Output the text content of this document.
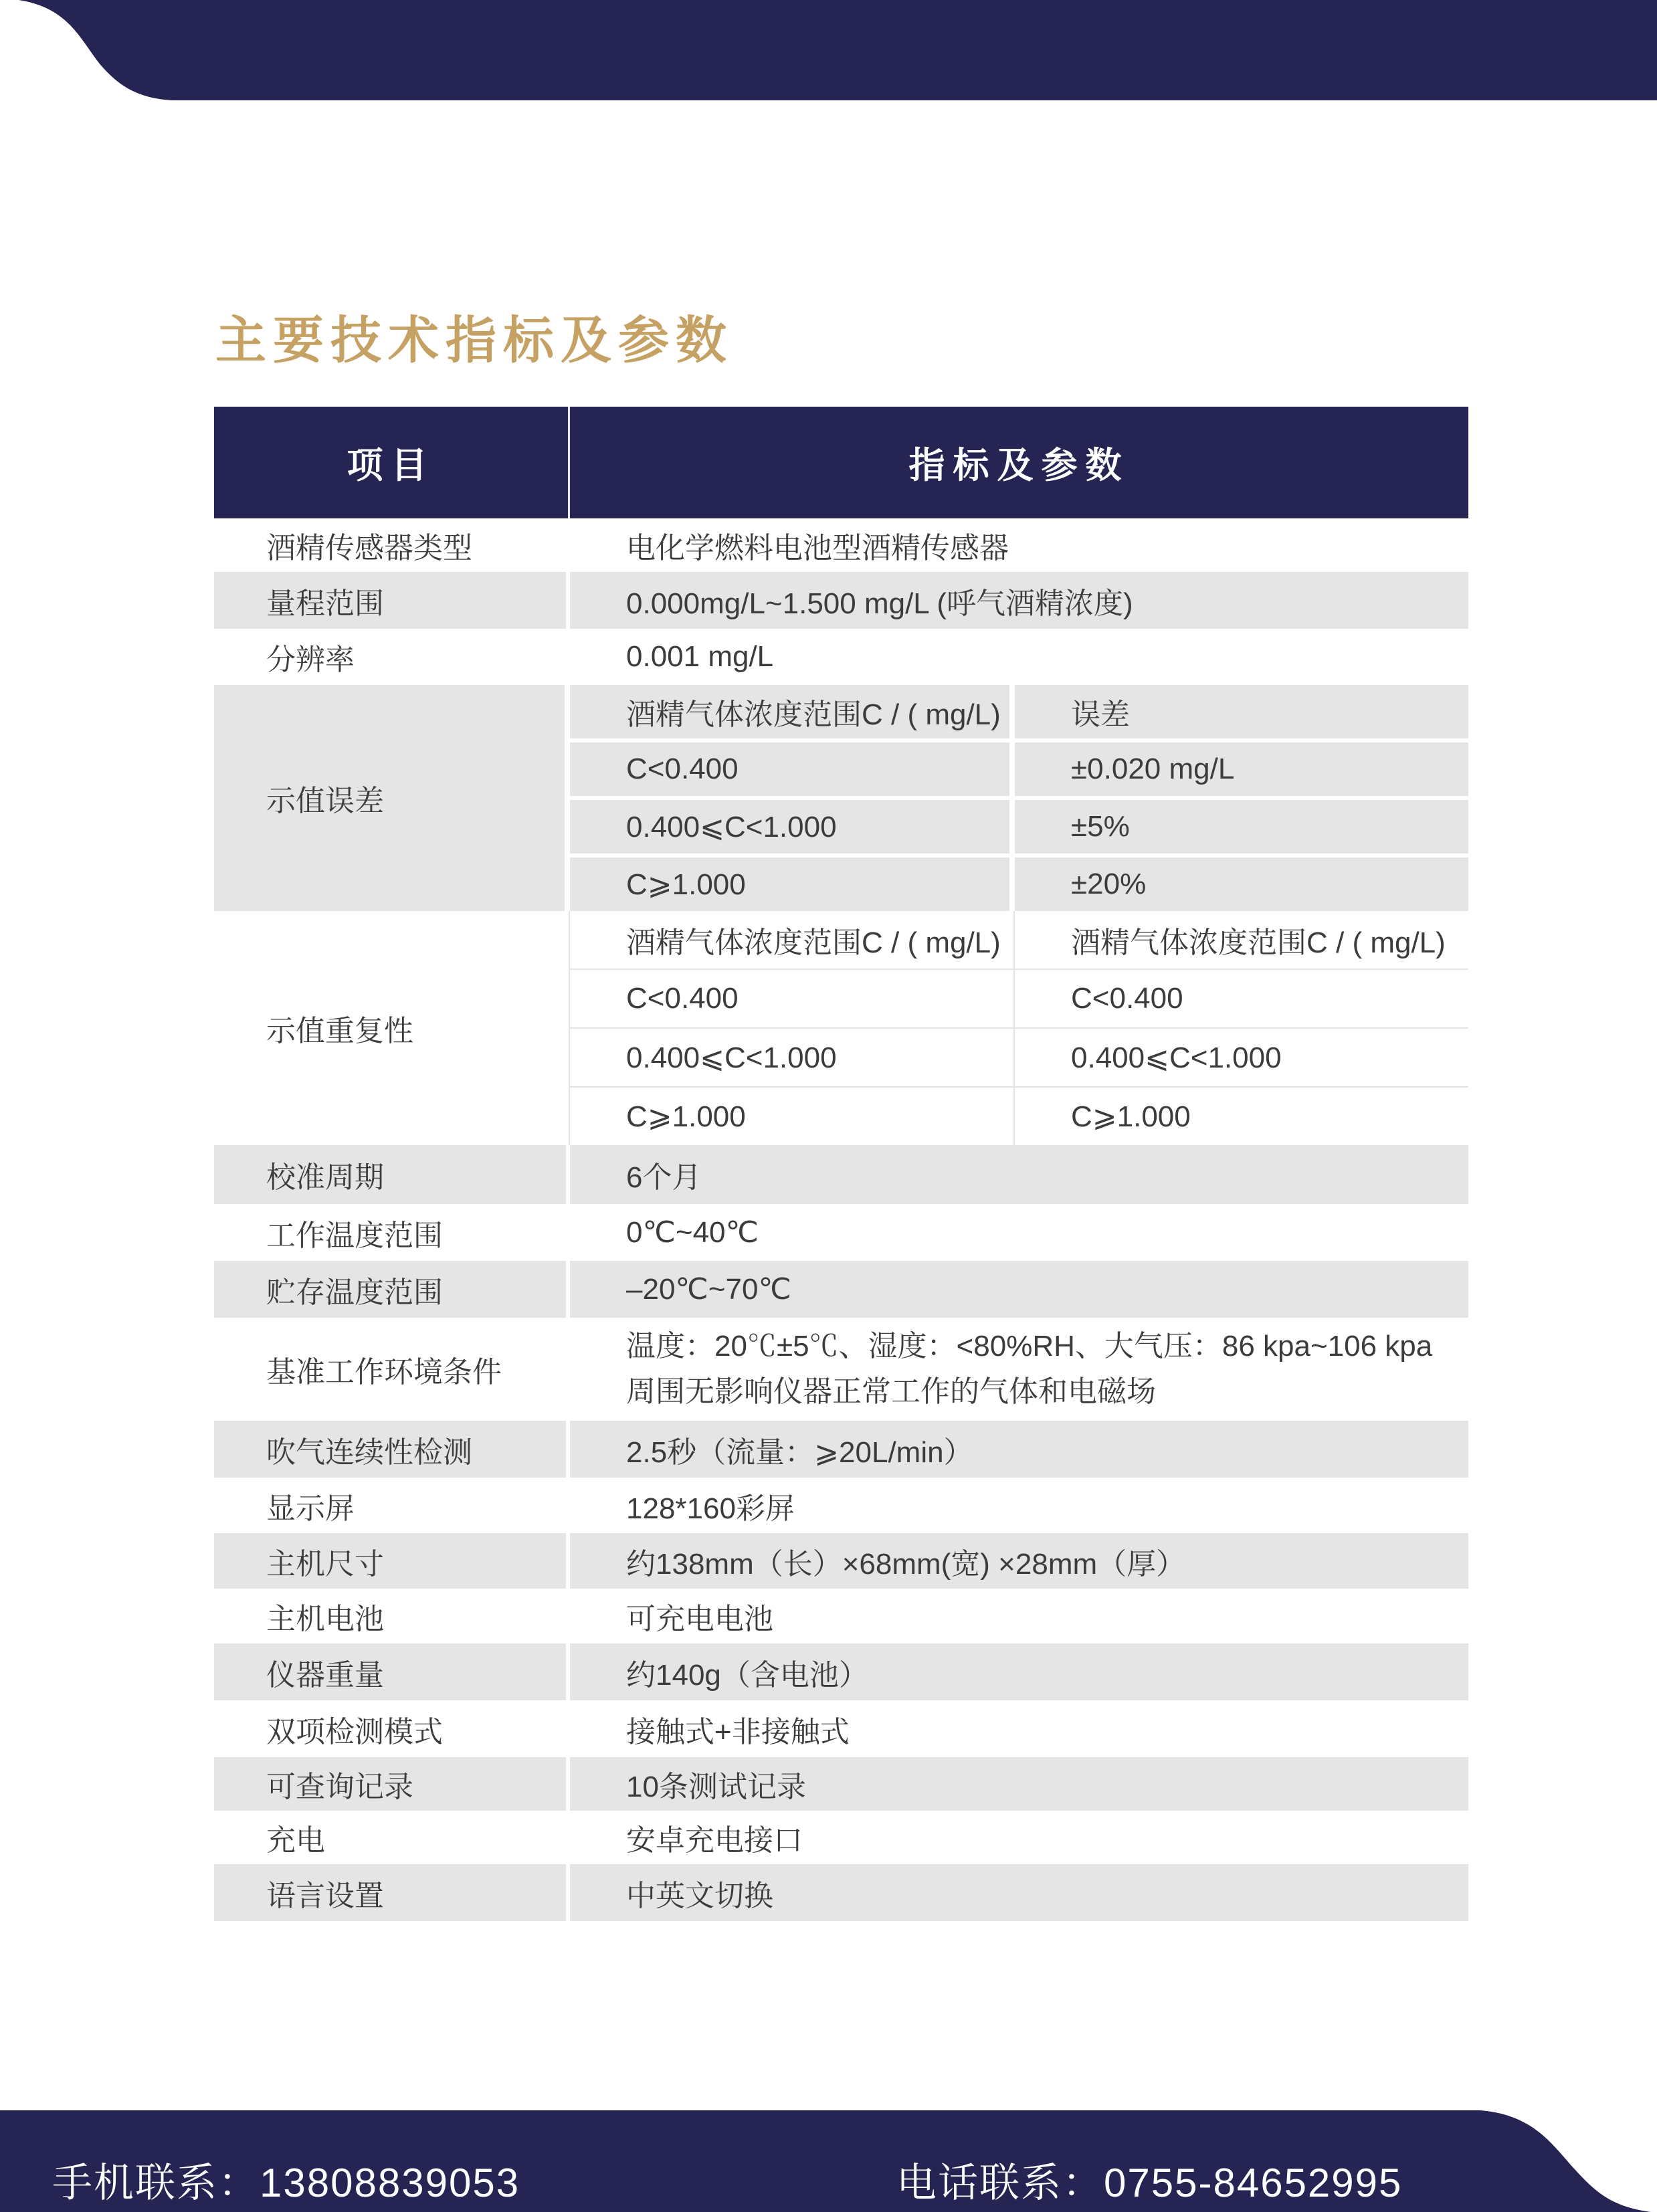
主要技术指标及参数
项目	指标及参数
酒精传感器类型	电化学燃料电池型酒精传感器
量程范围	0.000mg/L~1.500 mg/L (呼气酒精浓度)
分辨率	0.001 mg/L
示值误差
酒精气体浓度范围C / ( mg/L)	误差
C<0.400	±0.020 mg/L
0.400⩽C<1.000	±5%
C⩾1.000	±20%
示值重复性
酒精气体浓度范围C / ( mg/L)	酒精气体浓度范围C / ( mg/L)
C<0.400	C<0.400
0.400⩽C<1.000	0.400⩽C<1.000
C⩾1.000	C⩾1.000
校准周期	6个月
工作温度范围	0℃~40℃
贮存温度范围	–20℃~70℃
基准工作环境条件
温度：20℃±5℃、湿度：<80%RH、大气压：86 kpa~106 kpa
周围无影响仪器正常工作的气体和电磁场
吹气连续性检测	2.5秒（流量：⩾20L/min）
显示屏	128*160彩屏
主机尺寸	约138mm（长）×68mm(宽) ×28mm（厚）
主机电池	可充电电池
仪器重量	约140g（含电池）
双项检测模式	接触式+非接触式
可查询记录	10条测试记录
充电	安卓充电接口
语言设置	中英文切换
手机联系：13808839053	电话联系：0755-84652995
